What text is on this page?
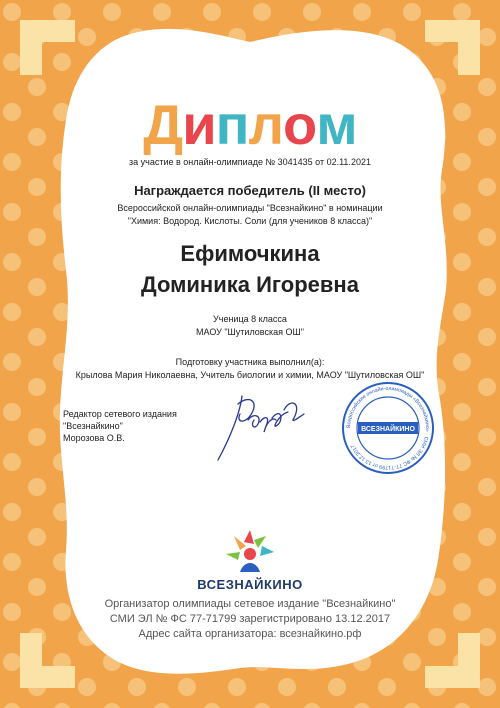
Диплом
за участие в онлайн-олимпиаде № 3041435 от 02.11.2021
Награждается победитель (II место)
Всероссийской онлайн-олимпиады "Всезнайкино" в номинации
"Химия: Водород. Кислоты. Соли (для учеников 8 класса)"
Ефимочкина
Доминика Игоревна
Ученица 8 класса
МАОУ "Шутиловская ОШ"
Подготовку участника выполнил(а):
Крылова Мария Николаевна, Учитель биологии и химии, МАОУ "Шутиловская ОШ"
Редактор сетевого издания
"Всезнайкино"
Морозова О.В.
Всероссийские онлайн-олимпиады «Всезнайкино» · СМИ ЭЛ № ФС 77-71799 от 13.12.2017
ВСЕЗНАЙКИНО
ВСЕЗНАЙКИНО
Организатор олимпиады сетевое издание "Всезнайкино"
СМИ ЭЛ № ФС 77-71799 зарегистрировано 13.12.2017
Адрес сайта организатора: всезнайкино.рф
